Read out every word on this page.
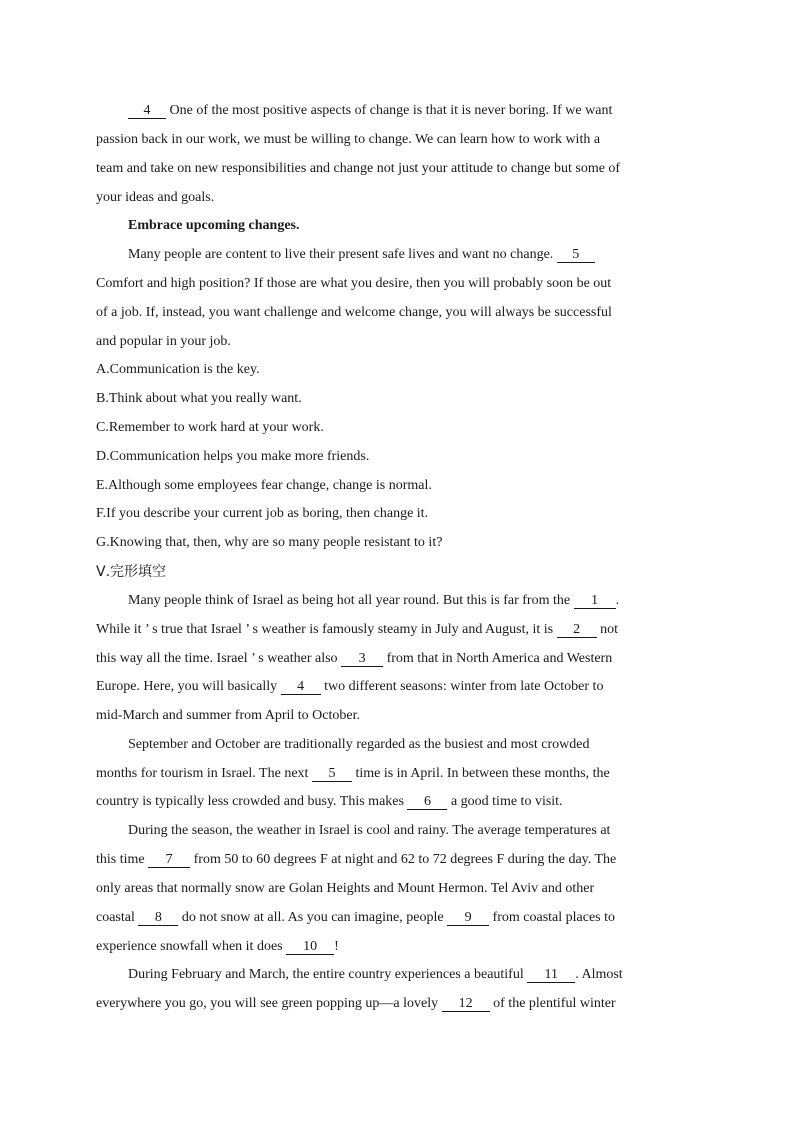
4 One of the most positive aspects of change is that it is never boring. If we want
passion back in our work, we must be willing to change. We can learn how to work with a
team and take on new responsibilities and change not just your attitude to change but some of
your ideas and goals.
Embrace upcoming changes.
Many people are content to live their present safe lives and want no change. 5
Comfort and high position? If those are what you desire, then you will probably soon be out
of a job. If, instead, you want challenge and welcome change, you will always be successful
and popular in your job.
A.Communication is the key.
B.Think about what you really want.
C.Remember to work hard at your work.
D.Communication helps you make more friends.
E.Although some employees fear change, change is normal.
F.If you describe your current job as boring, then change it.
G.Knowing that, then, why are so many people resistant to it?
Ⅴ.完形填空
Many people think of Israel as being hot all year round. But this is far from the 1 .
While it ’ s true that Israel ’ s weather is famously steamy in July and August, it is 2 not
this way all the time. Israel ’ s weather also 3 from that in North America and Western
Europe. Here, you will basically 4 two different seasons: winter from late October to
mid-March and summer from April to October.
September and October are traditionally regarded as the busiest and most crowded
months for tourism in Israel. The next 5 time is in April. In between these months, the
country is typically less crowded and busy. This makes 6 a good time to visit.
During the season, the weather in Israel is cool and rainy. The average temperatures at
this time 7 from 50 to 60 degrees F at night and 62 to 72 degrees F during the day. The
only areas that normally snow are Golan Heights and Mount Hermon. Tel Aviv and other
coastal 8 do not snow at all. As you can imagine, people 9 from coastal places to
experience snowfall when it does 10 !
During February and March, the entire country experiences a beautiful 11 . Almost
everywhere you go, you will see green popping up—a lovely 12 of the plentiful winter
